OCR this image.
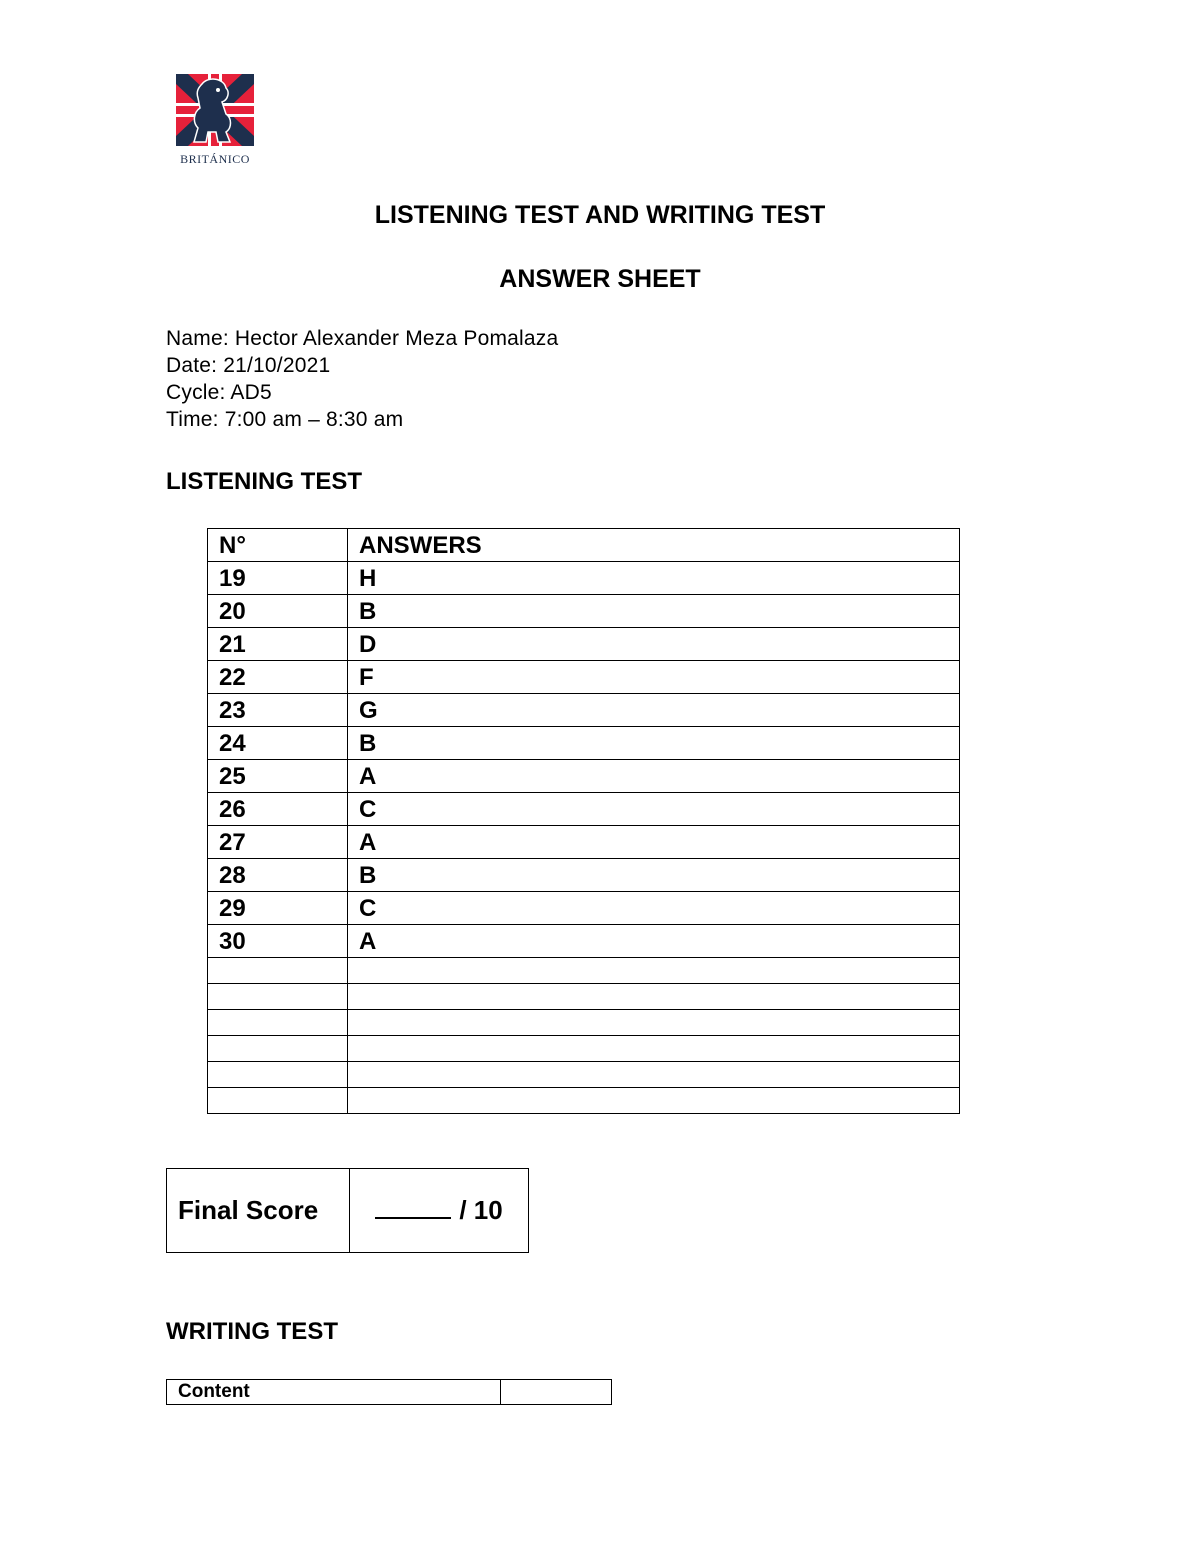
BRITÁNICO
LISTENING TEST AND WRITING TEST
ANSWER SHEET
Name: Hector Alexander Meza Pomalaza
Date: 21/10/2021
Cycle: AD5
Time: 7:00 am – 8:30 am
LISTENING TEST
N°	ANSWERS
19	H
20	B
21	D
22	F
23	G
24	B
25	A
26	C
27	A
28	B
29	C
30	A

Final Score	/ 10
WRITING TEST
Content	
